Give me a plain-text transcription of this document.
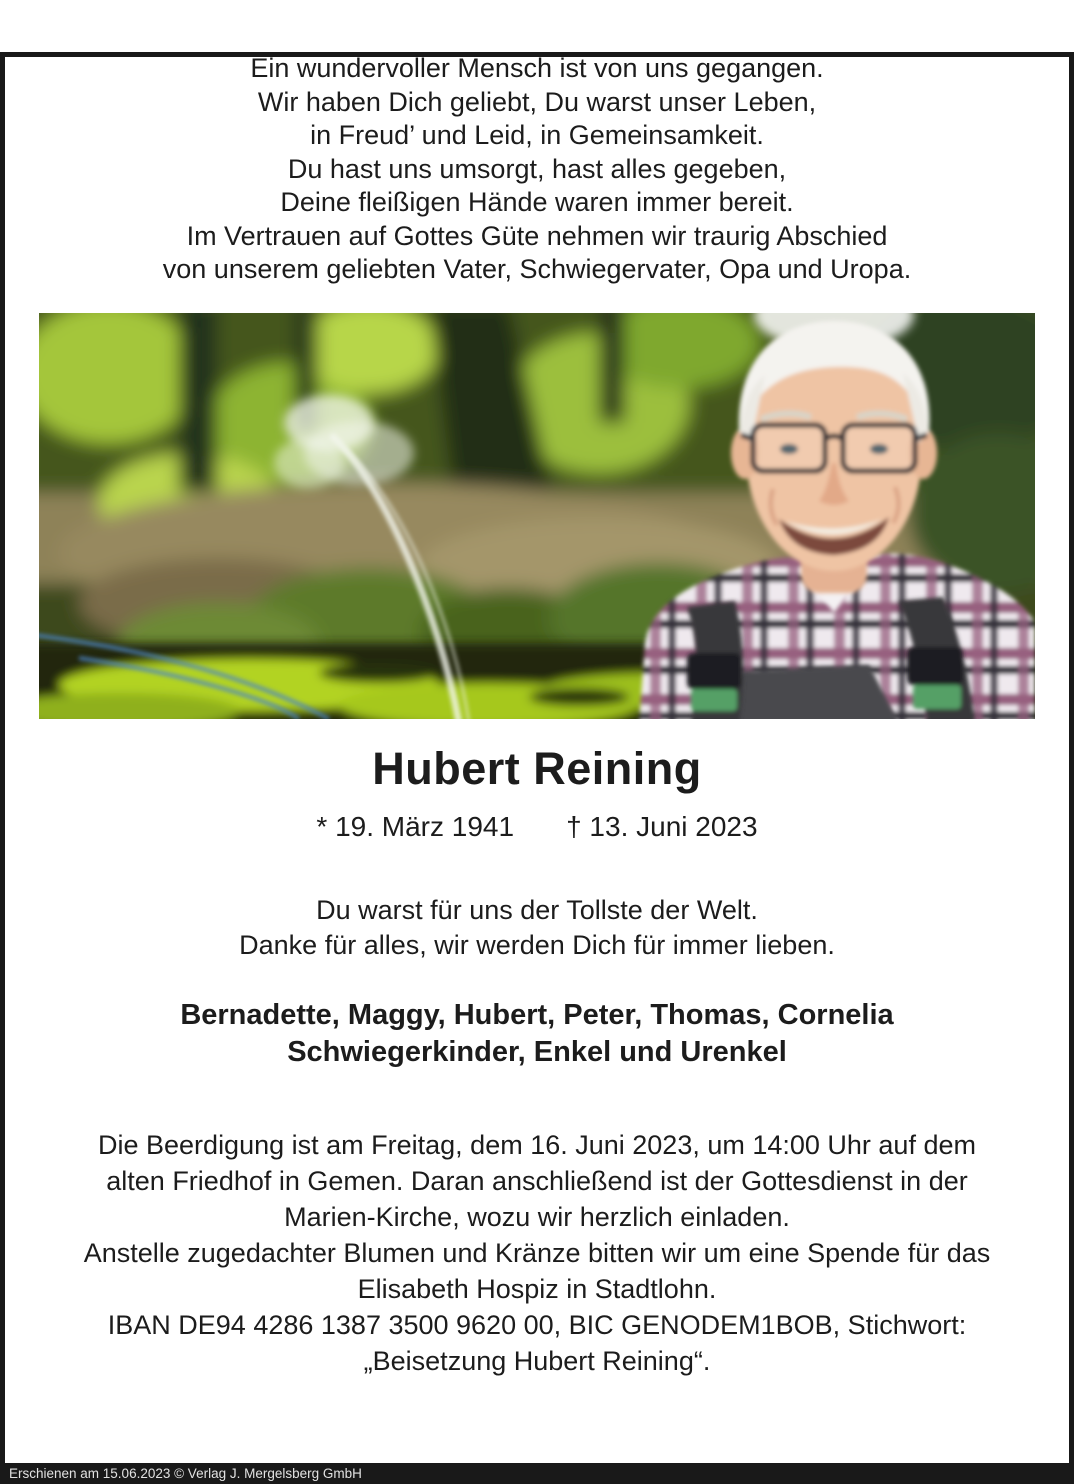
Ein wundervoller Mensch ist von uns gegangen.
Wir haben Dich geliebt, Du warst unser Leben,
in Freud’ und Leid, in Gemeinsamkeit.
Du hast uns umsorgt, hast alles gegeben,
Deine fleißigen Hände waren immer bereit.
Im Vertrauen auf Gottes Güte nehmen wir traurig Abschied
von unserem geliebten Vater, Schwiegervater, Opa und Uropa.
Hubert Reining
* 19. März 1941 † 13. Juni 2023
Du warst für uns der Tollste der Welt.
Danke für alles, wir werden Dich für immer lieben.
Bernadette, Maggy, Hubert, Peter, Thomas, Cornelia
Schwiegerkinder, Enkel und Urenkel
Die Beerdigung ist am Freitag, dem 16. Juni 2023, um 14:00 Uhr auf dem
alten Friedhof in Gemen. Daran anschließend ist der Gottesdienst in der
Marien-Kirche, wozu wir herzlich einladen.
Anstelle zugedachter Blumen und Kränze bitten wir um eine Spende für das
Elisabeth Hospiz in Stadtlohn.
IBAN DE94 4286 1387 3500 9620 00, BIC GENODEM1BOB, Stichwort:
„Beisetzung Hubert Reining“.
Erschienen am 15.06.2023 © Verlag J. Mergelsberg GmbH
